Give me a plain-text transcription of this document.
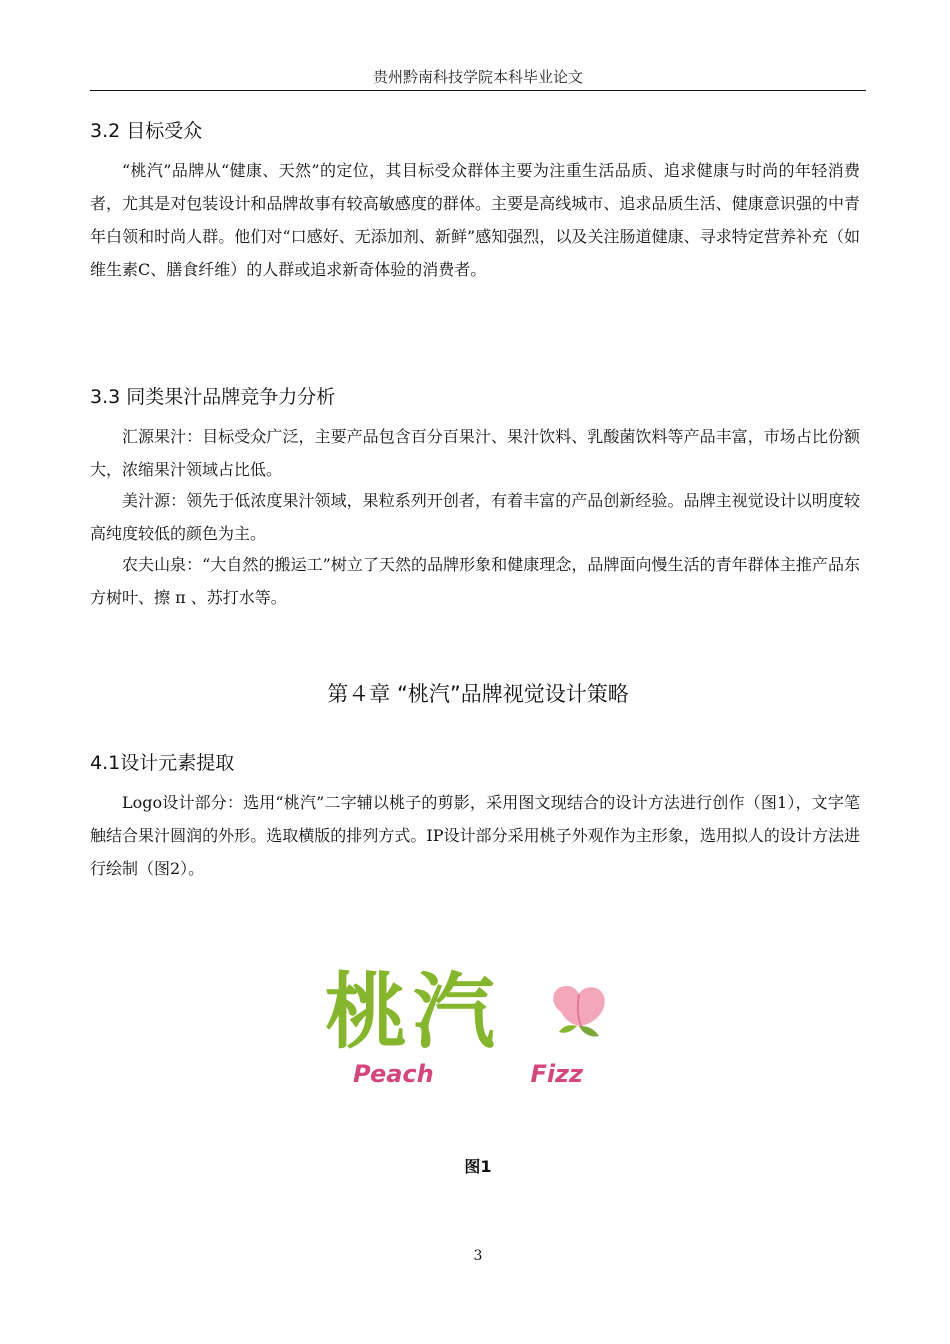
贵州黔南科技学院本科毕业论文
3.2 目标受众
“桃汽”品牌从“健康、天然”的定位，其目标受众群体主要为注重生活品质、追求健康与时尚的年轻消费者，尤其是对包装设计和品牌故事有较高敏感度的群体。主要是高线城市、追求品质生活、健康意识强的中青年白领和时尚人群。他们对“口感好、无添加剂、新鲜”感知强烈，以及关注肠道健康、寻求特定营养补充（如维生素C、膳食纤维）的人群或追求新奇体验的消费者。
3.3 同类果汁品牌竞争力分析
汇源果汁：目标受众广泛，主要产品包含百分百果汁、果汁饮料、乳酸菌饮料等产品丰富，市场占比份额大，浓缩果汁领域占比低。
美汁源：领先于低浓度果汁领域，果粒系列开创者，有着丰富的产品创新经验。品牌主视觉设计以明度较高纯度较低的颜色为主。
农夫山泉：“大自然的搬运工”树立了天然的品牌形象和健康理念，品牌面向慢生活的青年群体主推产品东方树叶、擦 π 、苏打水等。
第４章 “桃汽”品牌视觉设计策略
4.1设计元素提取
Logo设计部分：选用“桃汽”二字辅以桃子的剪影，采用图文现结合的设计方法进行创作（图1），文字笔触结合果汁圆润的外形。选取横版的排列方式。IP设计部分采用桃子外观作为主形象，选用拟人的设计方法进行绘制（图2）。
桃汽
Peach	Fizz
图1
3
